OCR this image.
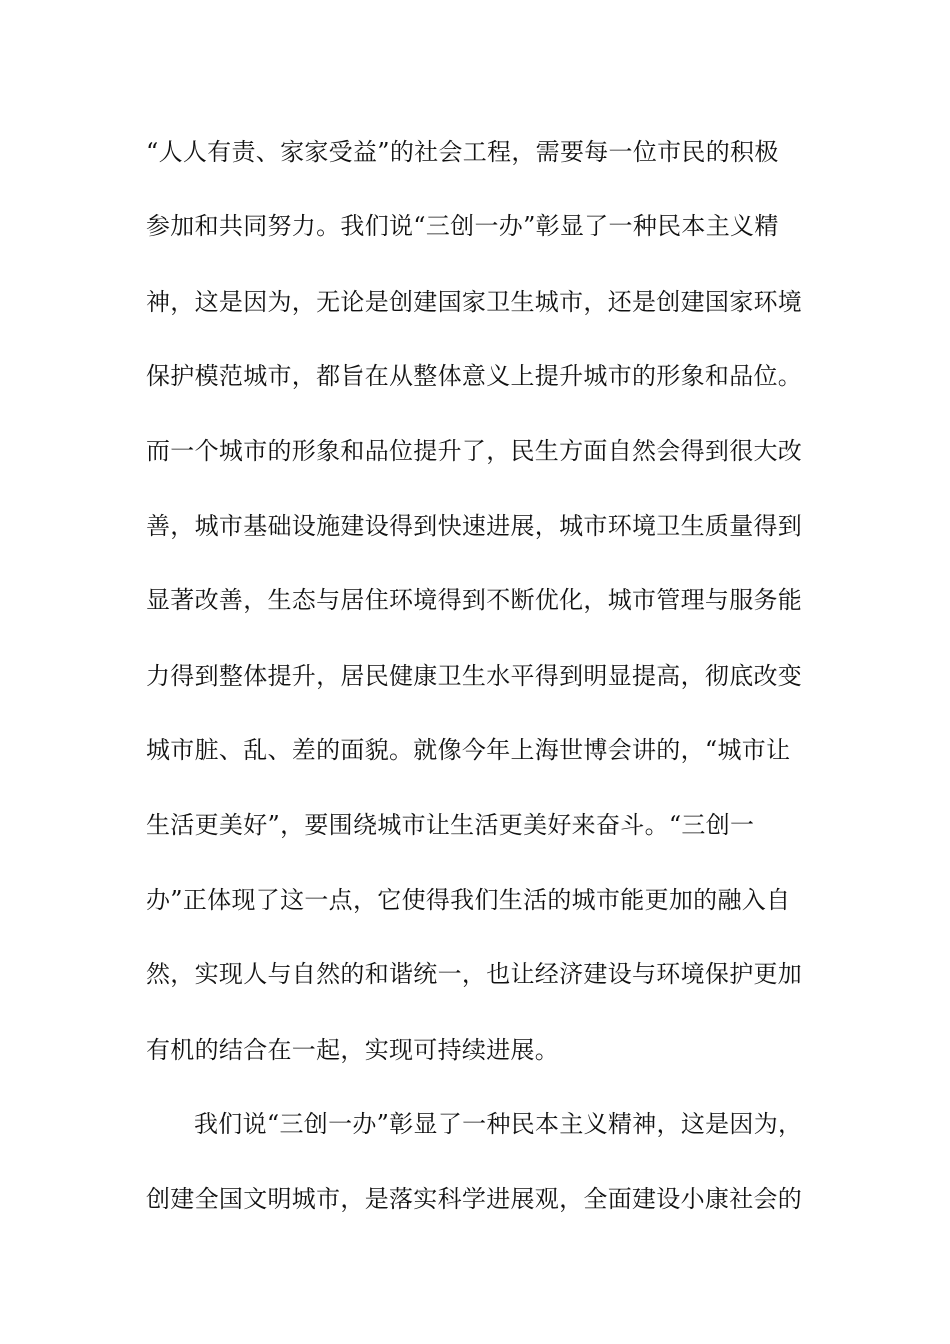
“人人有责、家家受益”的社会工程，需要每一位市民的积极
参加和共同努力。我们说“三创一办”彰显了一种民本主义精
神，这是因为，无论是创建国家卫生城市，还是创建国家环境
保护模范城市，都旨在从整体意义上提升城市的形象和品位。
而一个城市的形象和品位提升了，民生方面自然会得到很大改
善，城市基础设施建设得到快速进展，城市环境卫生质量得到
显著改善，生态与居住环境得到不断优化，城市管理与服务能
力得到整体提升，居民健康卫生水平得到明显提高，彻底改变
城市脏、乱、差的面貌。就像今年上海世博会讲的，“城市让
生活更美好”，要围绕城市让生活更美好来奋斗。“三创一
办”正体现了这一点，它使得我们生活的城市能更加的融入自
然，实现人与自然的和谐统一，也让经济建设与环境保护更加
有机的结合在一起，实现可持续进展。
我们说“三创一办”彰显了一种民本主义精神，这是因为，
创建全国文明城市，是落实科学进展观，全面建设小康社会的
